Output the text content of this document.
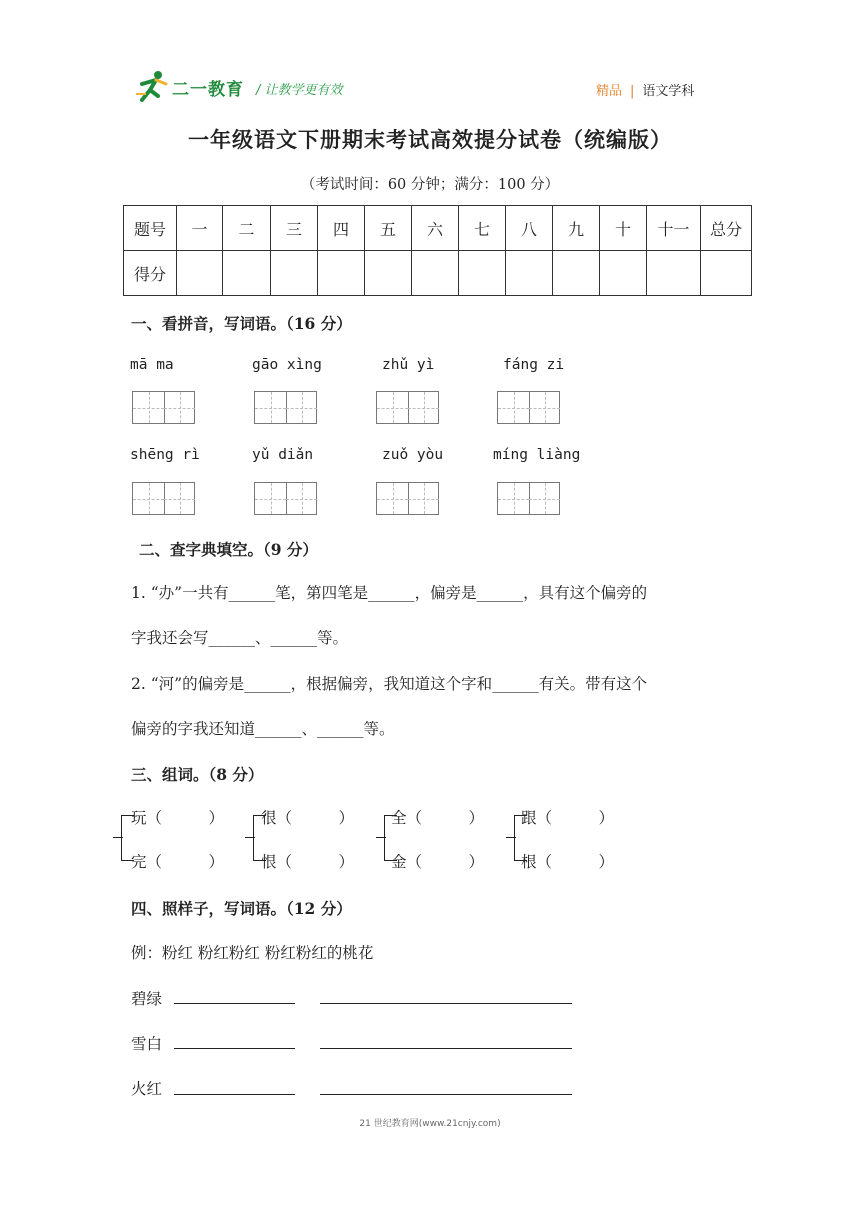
二一教育 / 让教学更有效	精品 | 语文学科
一年级语文下册期末考试高效提分试卷（统编版）
（考试时间：60 分钟；满分：100 分）
题号	一	二	三	四	五	六	七	八	九	十	十一	总分
得分												
一、看拼音，写词语。（16 分）
mā ma	gāo xìng	zhǔ yì	fáng zi
shēng rì	yǔ diǎn	zuǒ yòu	míng liàng
二、查字典填空。（9 分）
1. “办”一共有______笔，第四笔是______，偏旁是______，具有这个偏旁的
字我还会写______、______等。
2. “河”的偏旁是______，根据偏旁，我知道这个字和______有关。带有这个
偏旁的字我还知道______、______等。
三、组词。（8 分）
玩（　　　）
完（　　　）
很（　　　）
恨（　　　）
全（　　　）
金（　　　）
跟（　　　）
根（　　　）
四、照样子，写词语。（12 分）
例：粉红 粉红粉红 粉红粉红的桃花
碧绿
雪白
火红
21 世纪教育网(www.21cnjy.com)
